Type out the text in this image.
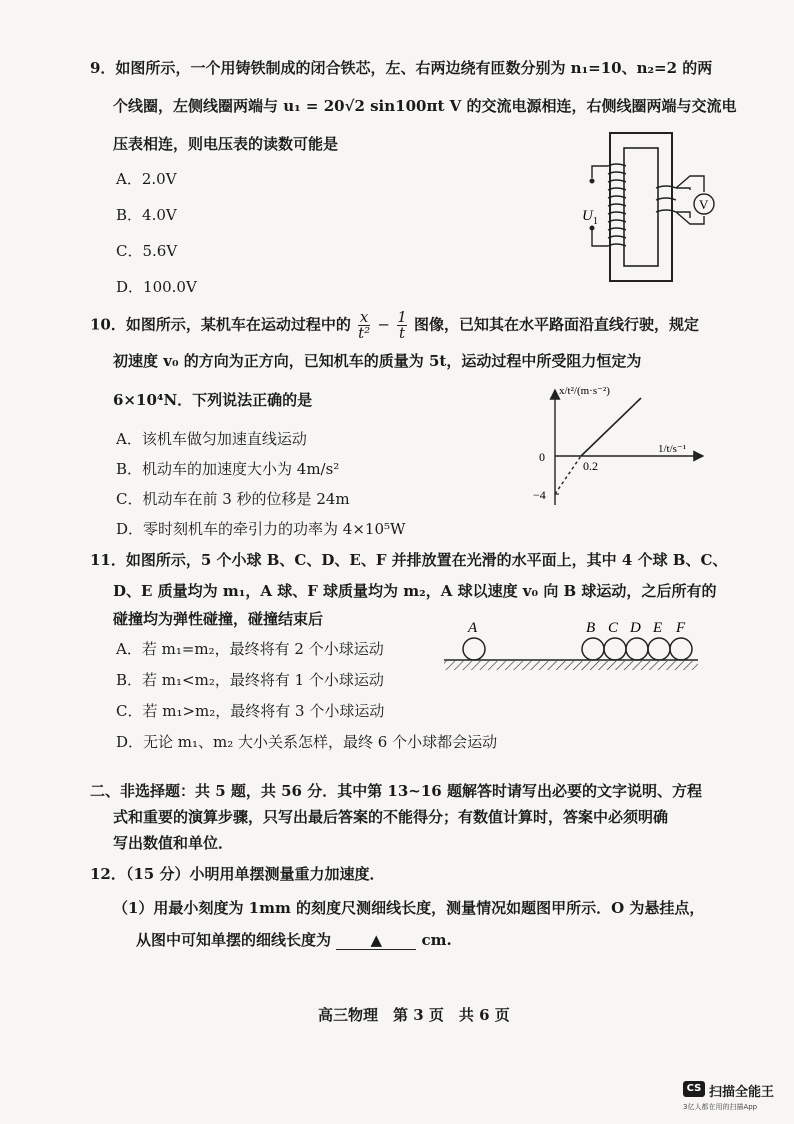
9．如图所示，一个用铸铁制成的闭合铁芯，左、右两边绕有匝数分别为 n₁=10、n₂=2 的两
个线圈，左侧线圈两端与 u₁ = 20√2 sin100πt V 的交流电源相连，右侧线圈两端与交流电
压表相连，则电压表的读数可能是
A．2.0V
B．4.0V
C．5.6V
D．100.0V
V
U 1
10．如图所示，某机车在运动过程中的 $\frac{x}{\text{t²}} - \frac{1}{t}$ 图像，已知其在水平路面沿直线行驶，规定
初速度 v₀ 的方向为正方向，已知机车的质量为 5t，运动过程中所受阻力恒定为
6×10⁴N．下列说法正确的是
A．该机车做匀加速直线运动
B．机动车的加速度大小为 4m/s²
C．机动车在前 3 秒的位移是 24m
D．零时刻机车的牵引力的功率为 4×10⁵W
x/t²/(m·s⁻²)
1/t/s⁻¹
0
0.2
−4
11．如图所示，5 个小球 B、C、D、E、F 并排放置在光滑的水平面上，其中 4 个球 B、C、
D、E 质量均为 m₁，A 球、F 球质量均为 m₂，A 球以速度 v₀ 向 B 球运动，之后所有的
碰撞均为弹性碰撞，碰撞结束后
A．若 m₁=m₂，最终将有 2 个小球运动
B．若 m₁<m₂，最终将有 1 个小球运动
C．若 m₁>m₂，最终将有 3 个小球运动
D．无论 m₁、m₂ 大小关系怎样，最终 6 个小球都会运动
A	B C D E F
二、非选择题：共 5 题，共 56 分．其中第 13~16 题解答时请写出必要的文字说明、方程
式和重要的演算步骤，只写出最后答案的不能得分；有数值计算时，答案中必须明确
写出数值和单位．
12．（15 分）小明用单摆测量重力加速度．
（1）用最小刻度为 1mm 的刻度尺测细线长度，测量情况如题图甲所示．O 为悬挂点，
从图中可知单摆的细线长度为	▲	cm.
高三物理　第 3 页　共 6 页
CS 扫描全能王
3亿人都在用的扫描App
